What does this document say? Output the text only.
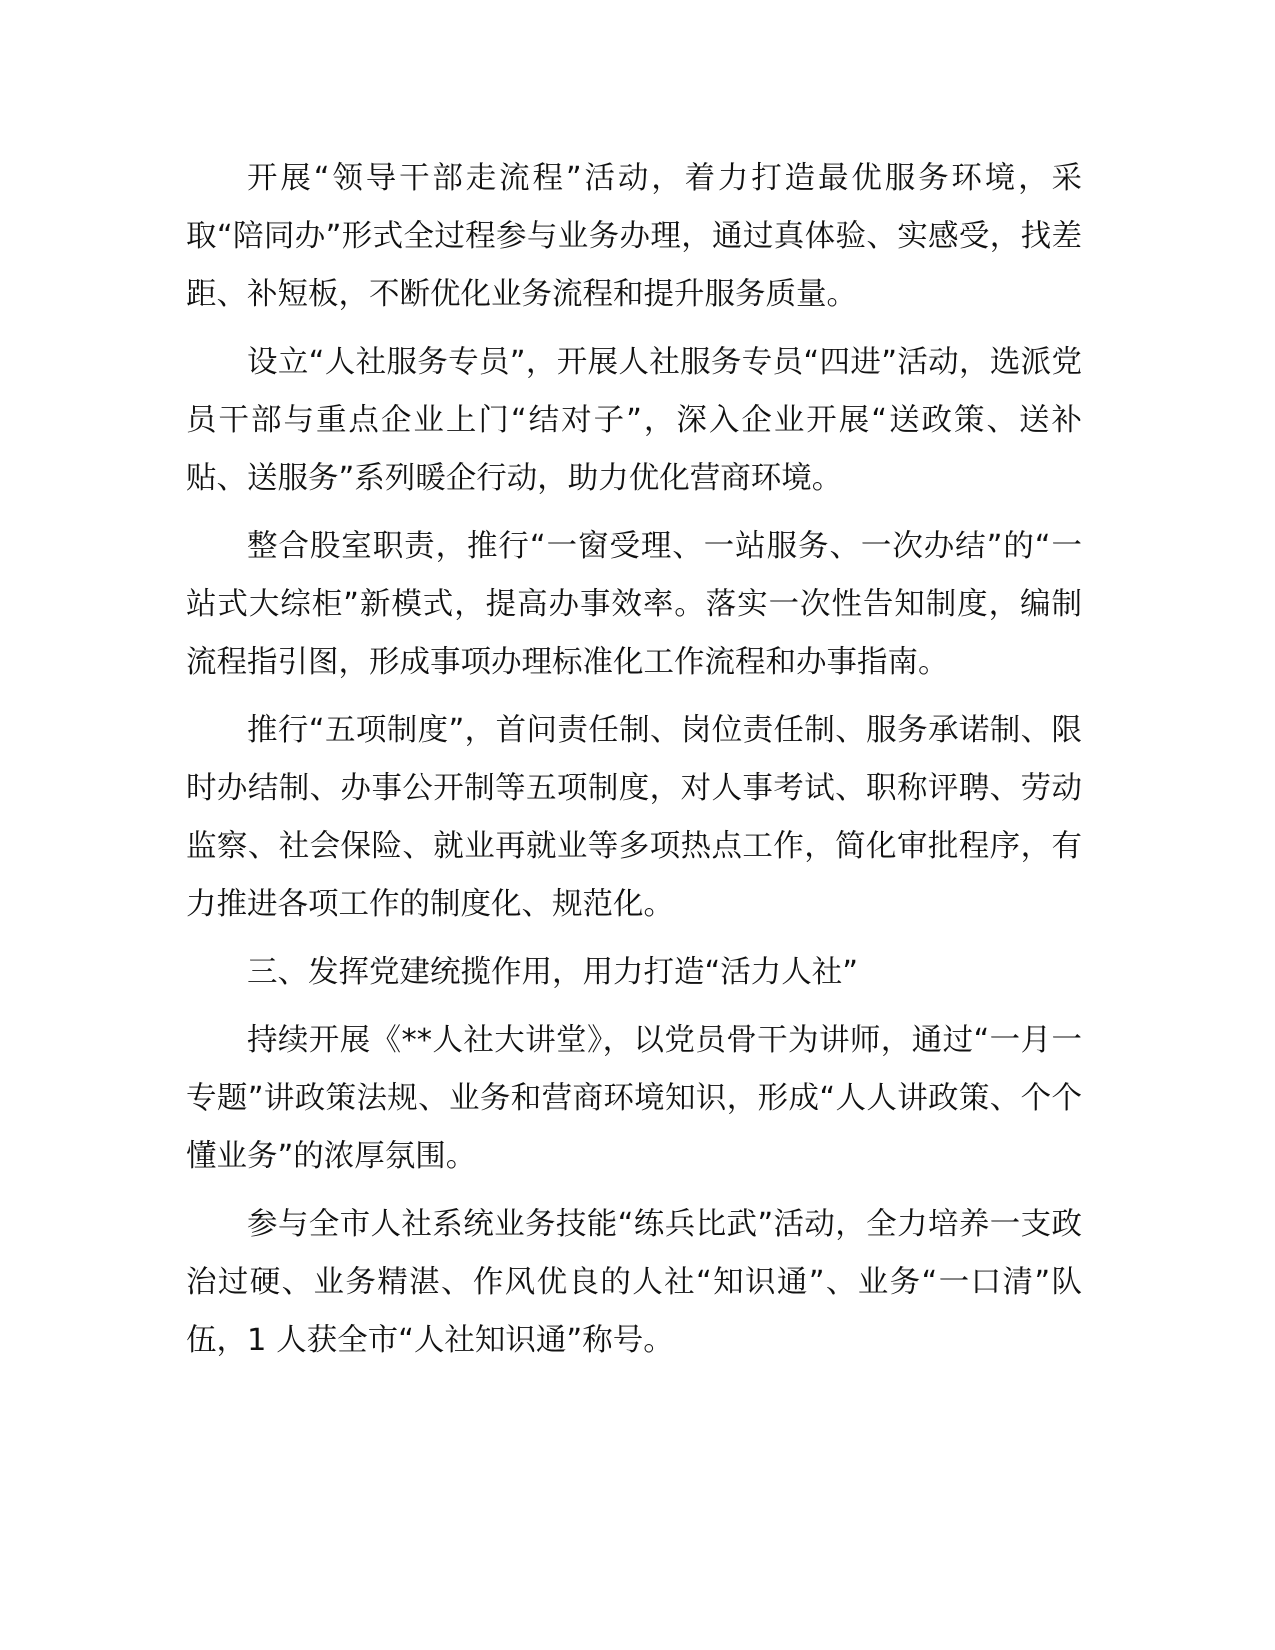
开展“领导干部走流程”活动，着力打造最优服务环境，采取“陪同办”形式全过程参与业务办理，通过真体验、实感受，找差距、补短板，不断优化业务流程和提升服务质量。

设立“人社服务专员”，开展人社服务专员“四进”活动，选派党员干部与重点企业上门“结对子”，深入企业开展“送政策、送补贴、送服务”系列暖企行动，助力优化营商环境。

整合股室职责，推行“一窗受理、一站服务、一次办结”的“一站式大综柜”新模式，提高办事效率。落实一次性告知制度，编制流程指引图，形成事项办理标准化工作流程和办事指南。

推行“五项制度”，首问责任制、岗位责任制、服务承诺制、限时办结制、办事公开制等五项制度，对人事考试、职称评聘、劳动监察、社会保险、就业再就业等多项热点工作，简化审批程序，有力推进各项工作的制度化、规范化。

三、发挥党建统揽作用，用力打造“活力人社”

持续开展《**人社大讲堂》，以党员骨干为讲师，通过“一月一专题”讲政策法规、业务和营商环境知识，形成“人人讲政策、个个懂业务”的浓厚氛围。

参与全市人社系统业务技能“练兵比武”活动，全力培养一支政治过硬、业务精湛、作风优良的人社“知识通”、业务“一口清”队伍，1 人获全市“人社知识通”称号。
